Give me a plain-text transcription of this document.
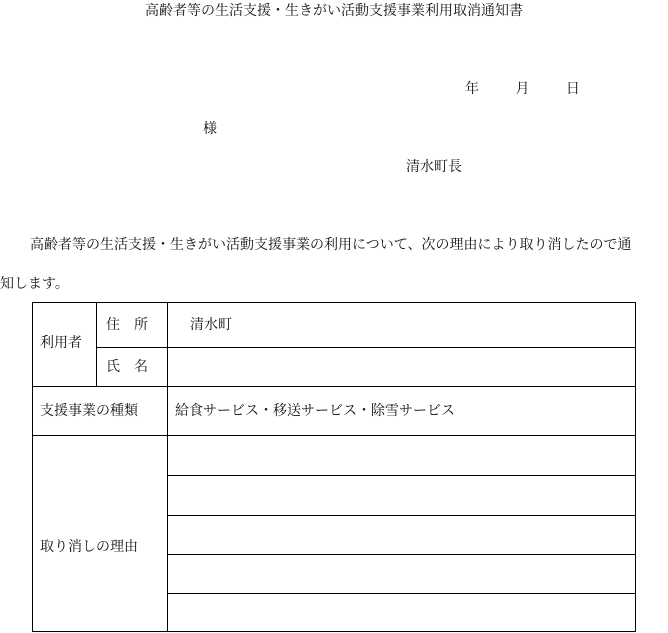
高齢者等の生活支援・生きがい活動支援事業利用取消通知書
年	月	日
様
清水町長
高齢者等の生活支援・生きがい活動支援事業の利用について、次の理由により取り消したので通
知します。
利用者
住　所	清水町
氏　名
支援事業の種類	給食サービス・移送サービス・除雪サービス
取り消しの理由
